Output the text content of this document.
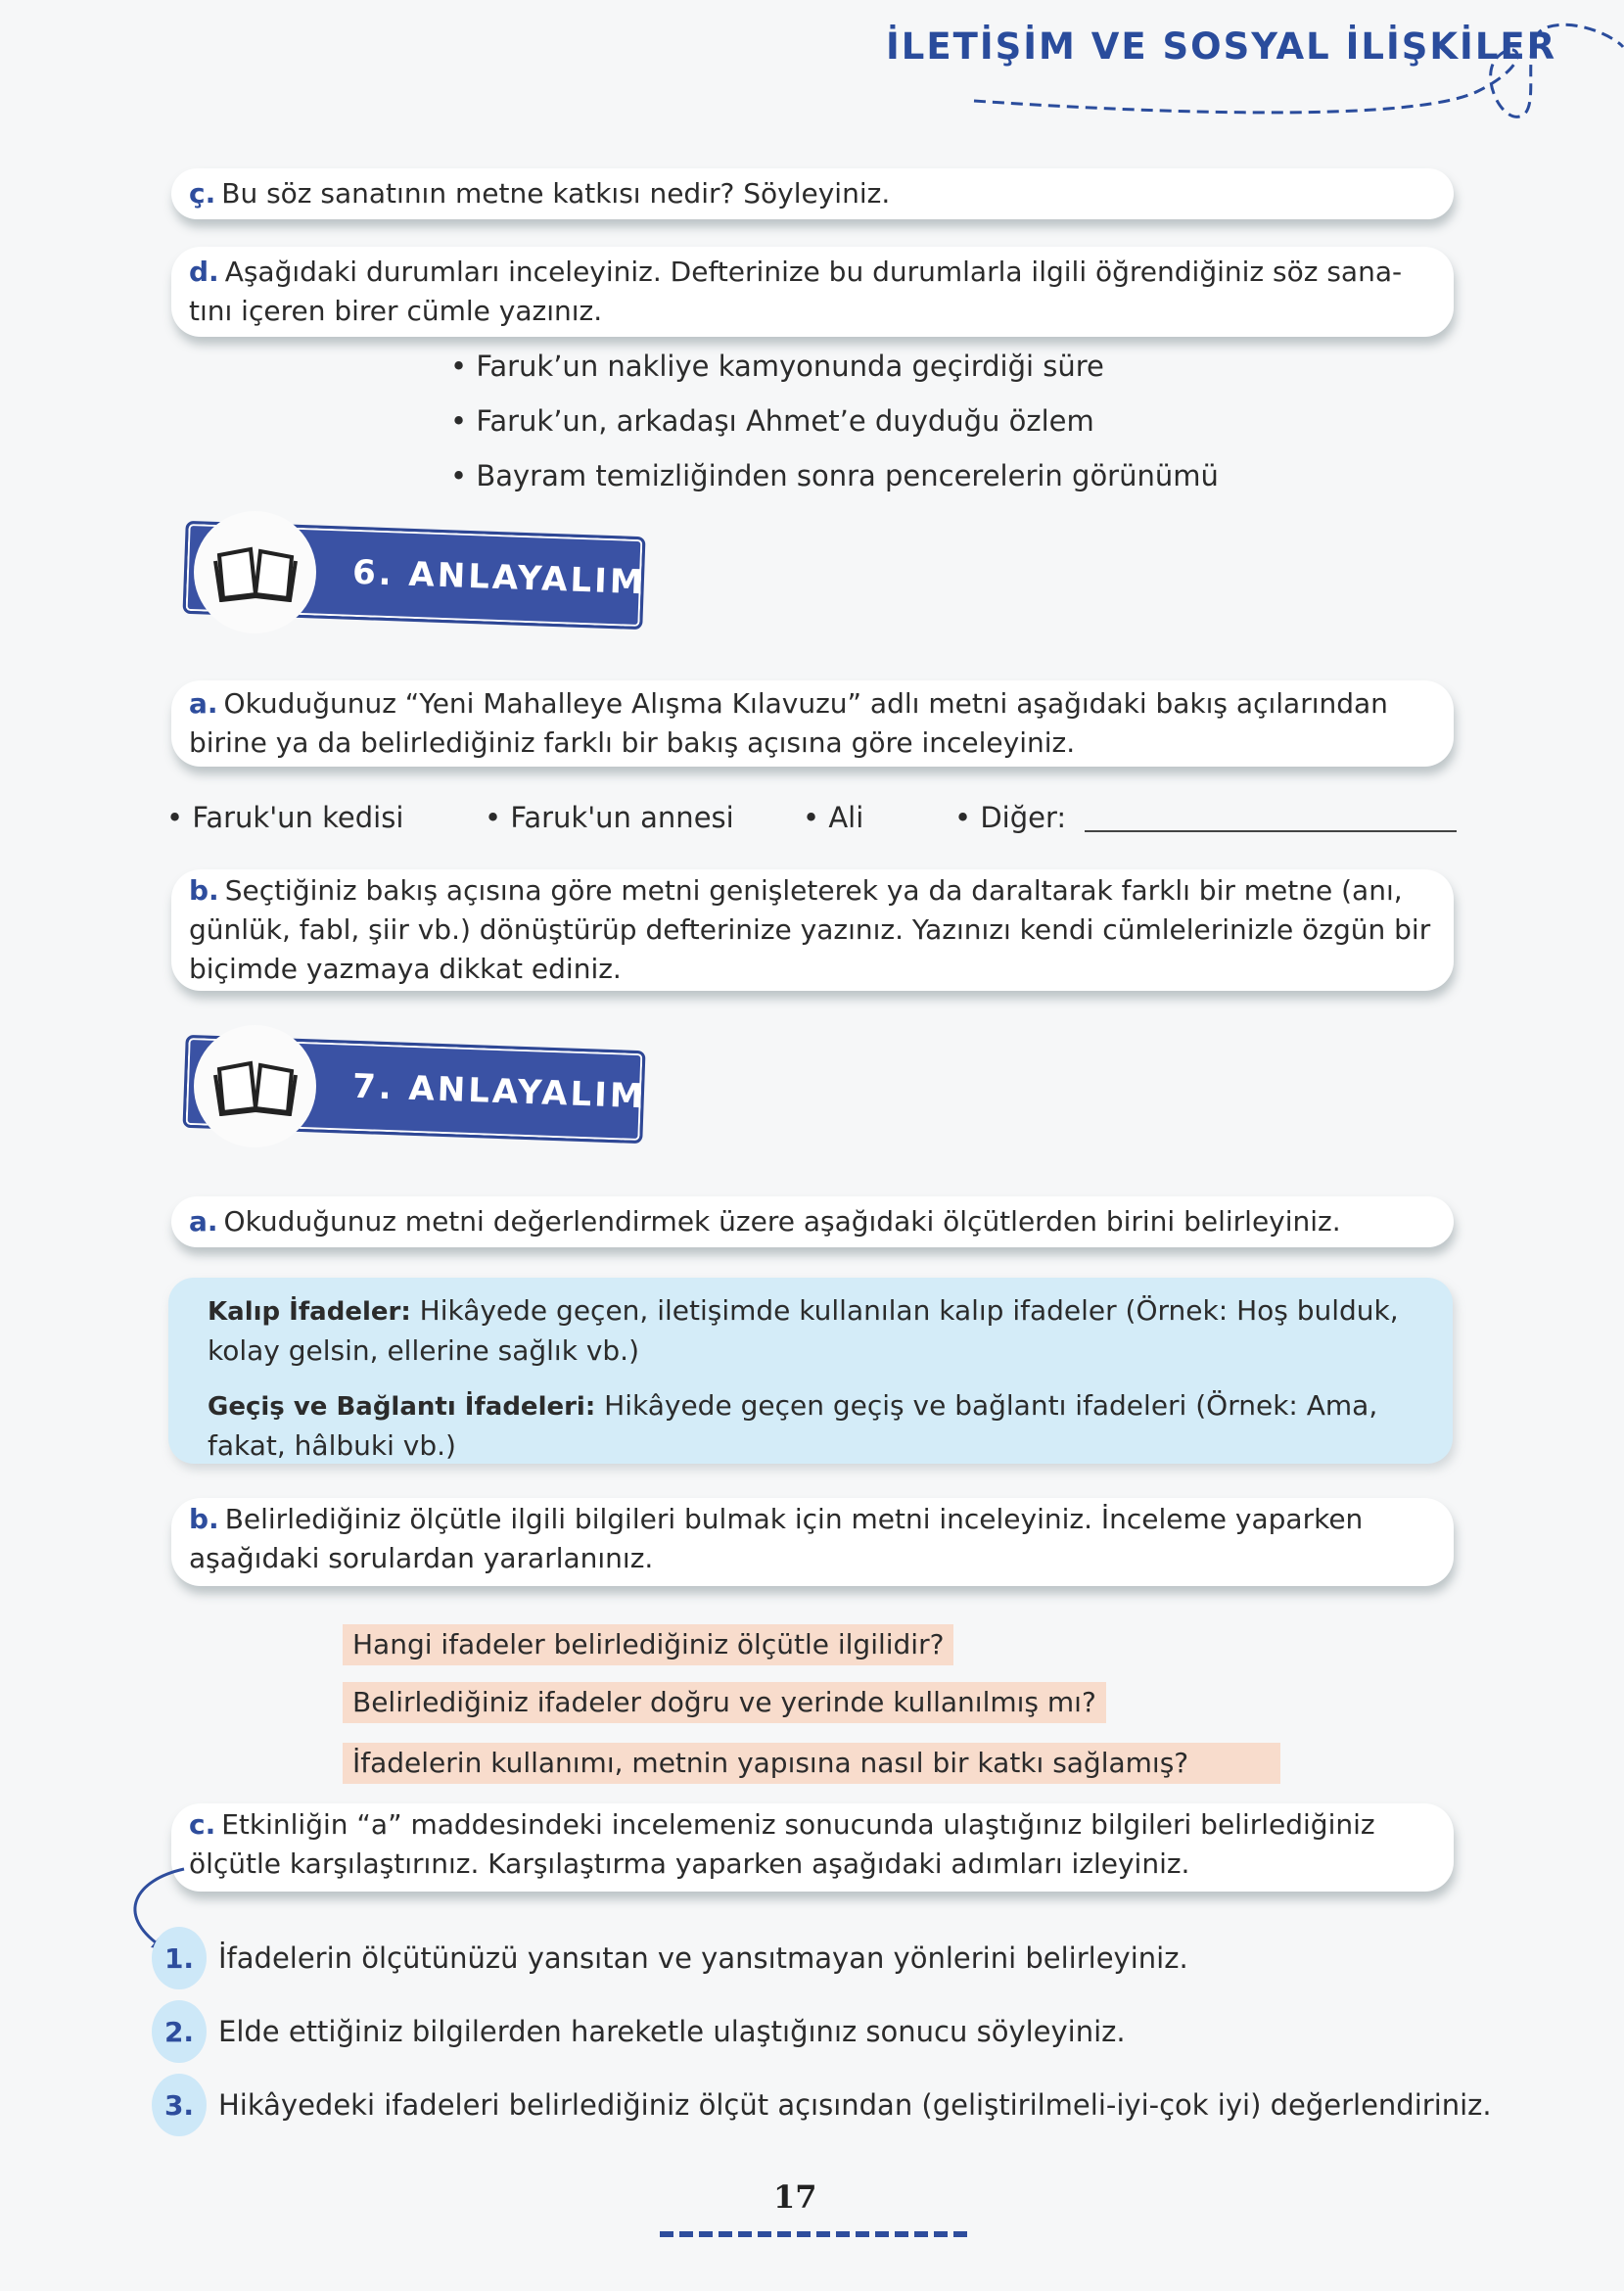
İLETİŞİM VE SOSYAL İLİŞKİLER
ç. Bu söz sanatının metne katkısı nedir? Söyleyiniz.
d. Aşağıdaki durumları inceleyiniz. Defterinize bu durumlarla ilgili öğrendiğiniz söz sana-
tını içeren birer cümle yazınız.
• Faruk’un nakliye kamyonunda geçirdiği süre
• Faruk’un, arkadaşı Ahmet’e duyduğu özlem
• Bayram temizliğinden sonra pencerelerin görünümü
6. ANLAYALIM
a. Okuduğunuz “Yeni Mahalleye Alışma Kılavuzu” adlı metni aşağıdaki bakış açılarından birine ya da belirlediğiniz farklı bir bakış açısına göre inceleyiniz.
• Faruk'un kedisi	• Faruk'un annesi • Ali	• Diğer:
b. Seçtiğiniz bakış açısına göre metni genişleterek ya da daraltarak farklı bir metne (anı, günlük, fabl, şiir vb.) dönüştürüp defterinize yazınız. Yazınızı kendi cümlelerinizle özgün bir biçimde yazmaya dikkat ediniz.
7. ANLAYALIM
a. Okuduğunuz metni değerlendirmek üzere aşağıdaki ölçütlerden birini belirleyiniz.

Kalıp İfadeler: Hikâyede geçen, iletişimde kullanılan kalıp ifadeler (Örnek: Hoş bulduk, kolay gelsin, ellerine sağlık vb.)

Geçiş ve Bağlantı İfadeleri: Hikâyede geçen geçiş ve bağlantı ifadeleri (Örnek: Ama, fakat, hâlbuki vb.)

b. Belirlediğiniz ölçütle ilgili bilgileri bulmak için metni inceleyiniz. İnceleme yaparken aşağıdaki sorulardan yararlanınız.
Hangi ifadeler belirlediğiniz ölçütle ilgilidir?
Belirlediğiniz ifadeler doğru ve yerinde kullanılmış mı?
İfadelerin kullanımı, metnin yapısına nasıl bir katkı sağlamış?
c. Etkinliğin “a” maddesindeki incelemeniz sonucunda ulaştığınız bilgileri belirlediğiniz ölçütle karşılaştırınız. Karşılaştırma yaparken aşağıdaki adımları izleyiniz.
1. İfadelerin ölçütünüzü yansıtan ve yansıtmayan yönlerini belirleyiniz.
2. Elde ettiğiniz bilgilerden hareketle ulaştığınız sonucu söyleyiniz.
3. Hikâyedeki ifadeleri belirlediğiniz ölçüt açısından (geliştirilmeli-iyi-çok iyi) değerlendiriniz.
17
